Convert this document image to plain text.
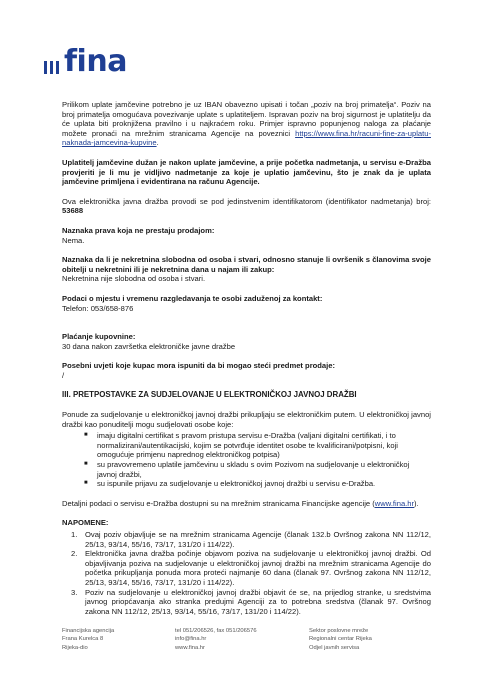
fina

Prilikom uplate jamčevine potrebno je uz IBAN obavezno upisati i točan „poziv na broj primatelja“. Poziv na broj primatelja omogućava povezivanje uplate s uplatiteljem. Ispravan poziv na broj sigurnost je uplatitelju da će uplata biti proknjižena pravilno i u najkraćem roku. Primjer ispravno popunjenog naloga za plaćanje možete pronaći na mrežnim stranicama Agencije na poveznici https://www.fina.hr/racuni-fine-za-uplatu-naknada-jamcevina-kupvine.

Uplatitelj jamčevine dužan je nakon uplate jamčevine, a prije početka nadmetanja, u servisu e-Dražba provjeriti je li mu je vidljivo nadmetanje za koje je uplatio jamčevinu, što je znak da je uplata jamčevine primljena i evidentirana na računu Agencije.

Ova elektronička javna dražba provodi se pod jedinstvenim identifikatorom (identifikator nadmetanja) broj: 53688

Naznaka prava koja ne prestaju prodajom:

Nema.

Naznaka da li je nekretnina slobodna od osoba i stvari, odnosno stanuje li ovršenik s članovima svoje obitelji u nekretnini ili je nekretnina dana u najam ili zakup:

Nekretnina nije slobodna od osoba i stvari.

Podaci o mjestu i vremenu razgledavanja te osobi zaduženoj za kontakt:

Telefon: 053/658-876

Plaćanje kupovnine:

30 dana nakon završetka elektroničke javne dražbe

Posebni uvjeti koje kupac mora ispuniti da bi mogao steći predmet prodaje:

/

III. PRETPOSTAVKE ZA SUDJELOVANJE U ELEKTRONIČKOJ JAVNOJ DRAŽBI

Ponude za sudjelovanje u elektroničkoj javnoj dražbi prikupljaju se elektroničkim putem. U elektroničkoj javnoj dražbi kao ponuditelji mogu sudjelovati osobe koje:

■ imaju digitalni certifikat s pravom pristupa servisu e-Dražba (valjani digitalni certifikati, i to normalizirani/autentikacijski, kojim se potvrđuje identitet osobe te kvalificirani/potpisni, koji omogućuje primjenu naprednog elektroničkog potpisa)
■ su pravovremeno uplatile jamčevinu u skladu s ovim Pozivom na sudjelovanje u elektroničkoj javnoj dražbi,
■ su ispunile prijavu za sudjelovanje u elektroničkoj javnoj dražbi u servisu e-Dražba.

Detaljni podaci o servisu e-Dražba dostupni su na mrežnim stranicama Financijske agencije (www.fina.hr).

NAPOMENE:

1. Ovaj poziv objavljuje se na mrežnim stranicama Agencije (članak 132.b Ovršnog zakona NN 112/12, 25/13, 93/14, 55/16, 73/17, 131/20 i 114/22).
2. Elektronička javna dražba počinje objavom poziva na sudjelovanje u elektroničkoj javnoj dražbi. Od objavljivanja poziva na sudjelovanje u elektroničkoj javnoj dražbi na mrežnim stranicama Agencije do početka prikupljanja ponuda mora proteći najmanje 60 dana (članak 97. Ovršnog zakona NN 112/12, 25/13, 93/14, 55/16, 73/17, 131/20 i 114/22).
3. Poziv na sudjelovanje u elektroničkoj javnoj dražbi objavit će se, na prijedlog stranke, u sredstvima javnog priopćavanja ako stranka predujmi Agenciji za to potrebna sredstva (članak 97. Ovršnog zakona NN 112/12, 25/13, 93/14, 55/16, 73/17, 131/20 i 114/22).
Financijska agencija
Frana Kurelca 8
Rijeka-dio
tel 051/206526, fax 051/206576
info@fina.hr
www.fina.hr
Sektor poslovne mreže
Regionalni centar Rijeka
Odjel javnih servisa
